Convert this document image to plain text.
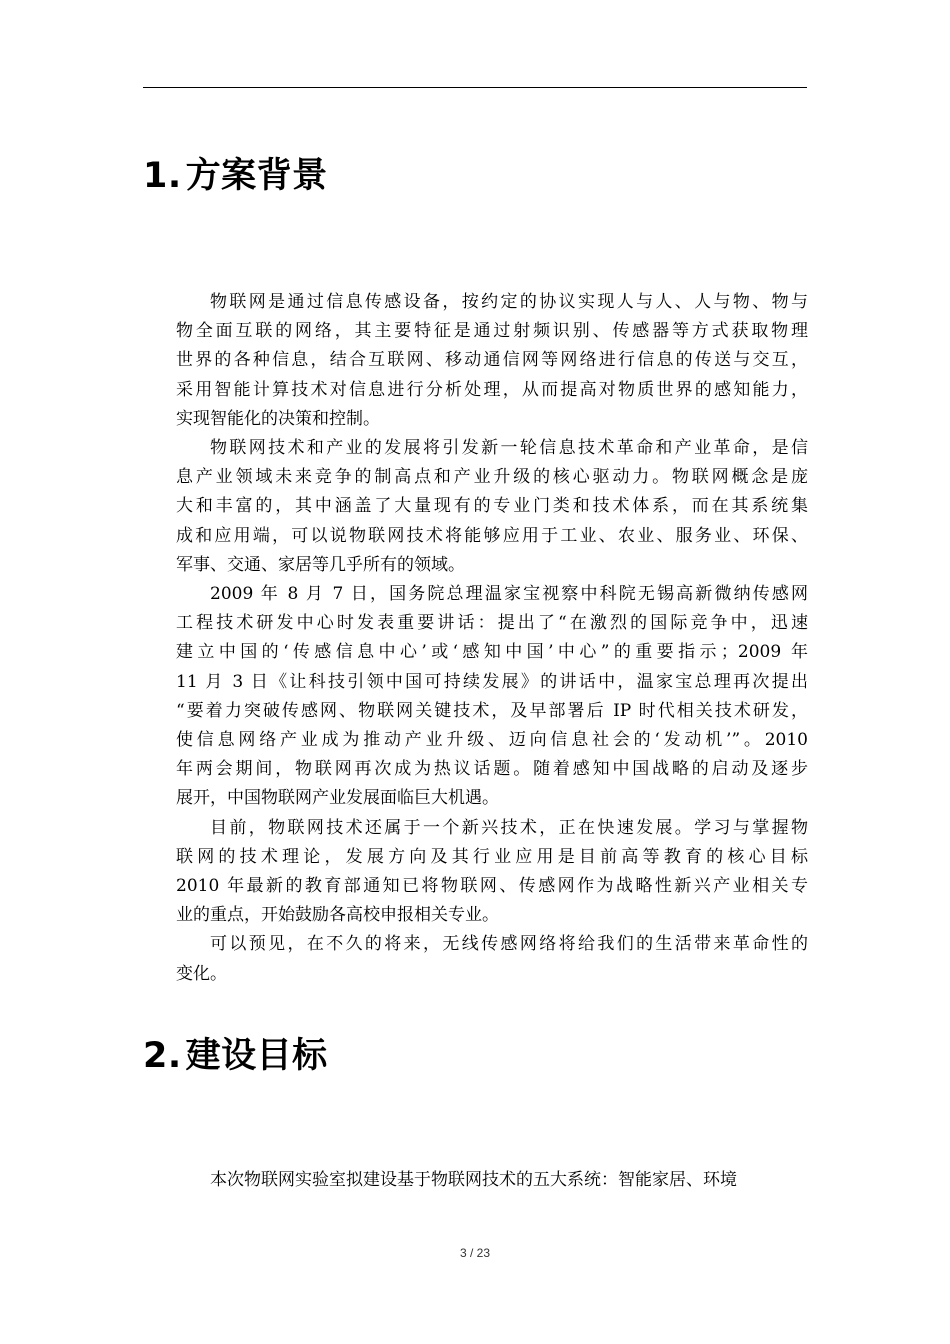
1. 方案背景
物联网是通过信息传感设备，按约定的协议实现人与人、人与物、物与
物全面互联的网络，其主要特征是通过射频识别、传感器等方式获取物理
世界的各种信息，结合互联网、移动通信网等网络进行信息的传送与交互，
采用智能计算技术对信息进行分析处理，从而提高对物质世界的感知能力，
实现智能化的决策和控制。
物联网技术和产业的发展将引发新一轮信息技术革命和产业革命，是信
息产业领域未来竞争的制高点和产业升级的核心驱动力。物联网概念是庞
大和丰富的，其中涵盖了大量现有的专业门类和技术体系，而在其系统集
成和应用端，可以说物联网技术将能够应用于工业、农业、服务业、环保、
军事、交通、家居等几乎所有的领域。
2009 年 8 月 7 日，国务院总理温家宝视察中科院无锡高新微纳传感网
工程技术研发中心时发表重要讲话：提出了“在激烈的国际竞争中，迅速
建立中国的‘传感信息中心’或‘感知中国’中心”的重要指示；2009 年
11 月 3 日《让科技引领中国可持续发展》的讲话中，温家宝总理再次提出
“要着力突破传感网、物联网关键技术，及早部署后 IP 时代相关技术研发，
使信息网络产业成为推动产业升级、迈向信息社会的‘发动机’”。2010
年两会期间，物联网再次成为热议话题。随着感知中国战略的启动及逐步
展开，中国物联网产业发展面临巨大机遇。
目前，物联网技术还属于一个新兴技术，正在快速发展。学习与掌握物
联网的技术理论，发展方向及其行业应用是目前高等教育的核心目标
2010 年最新的教育部通知已将物联网、传感网作为战略性新兴产业相关专
业的重点，开始鼓励各高校申报相关专业。
可以预见，在不久的将来，无线传感网络将给我们的生活带来革命性的
变化。
2. 建设目标
本次物联网实验室拟建设基于物联网技术的五大系统：智能家居、环境
3 / 23
